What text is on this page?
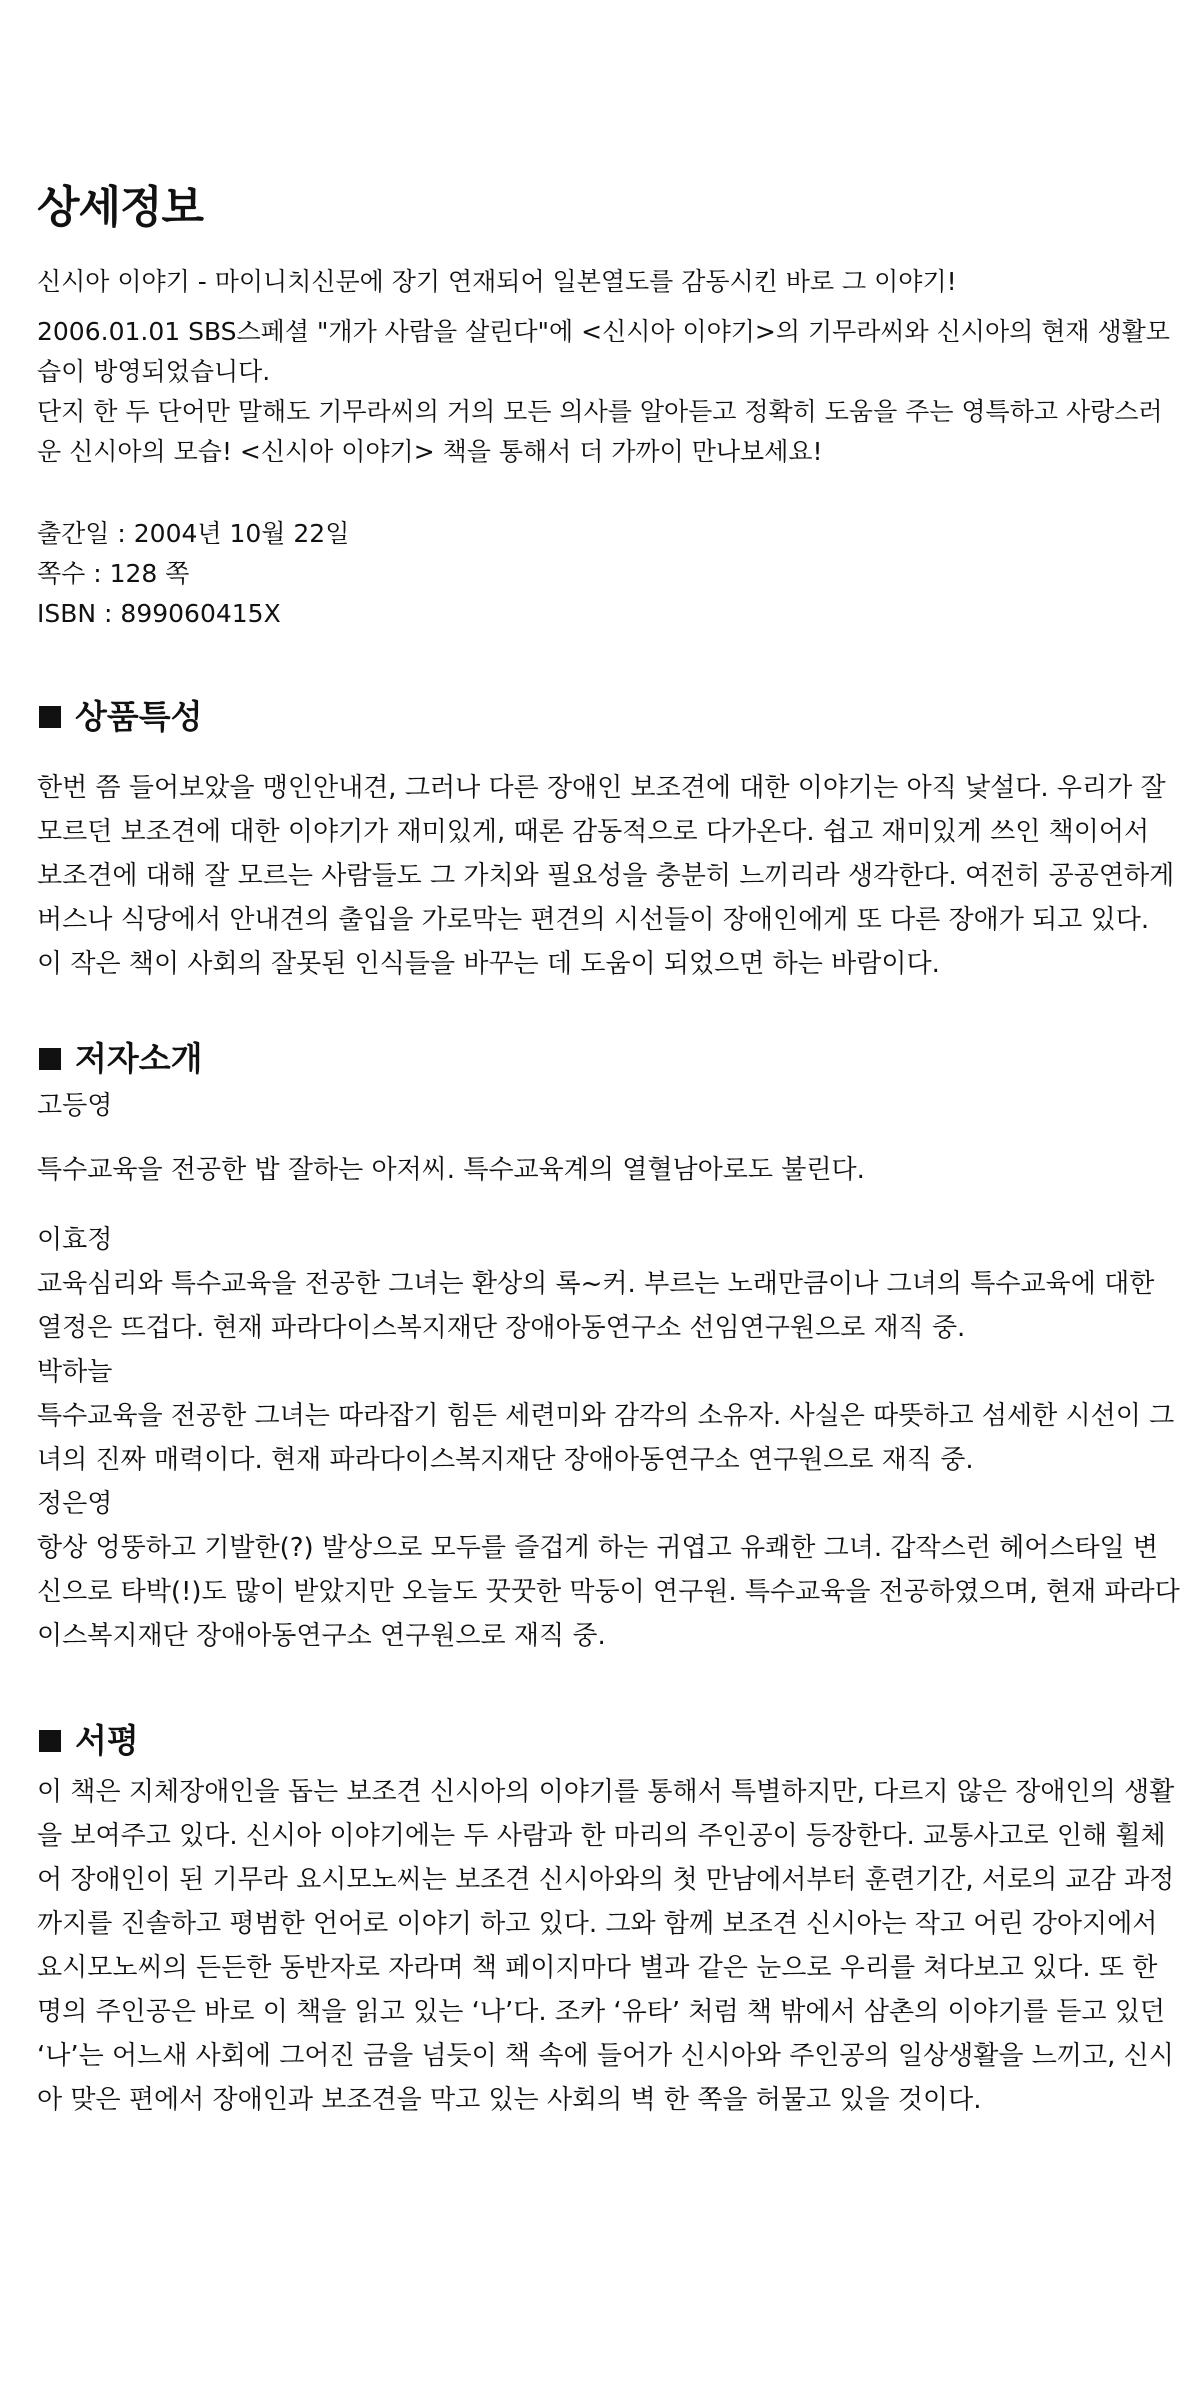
상세정보

신시아 이야기 - 마이니치신문에 장기 연재되어 일본열도를 감동시킨 바로 그 이야기!

2006.01.01 SBS스페셜 "개가 사람을 살린다"에 <신시아 이야기>의 기무라씨와 신시아의 현재 생활모습이 방영되었습니다.

단지 한 두 단어만 말해도 기무라씨의 거의 모든 의사를 알아듣고 정확히 도움을 주는 영특하고 사랑스러운 신시아의 모습! <신시아 이야기> 책을 통해서 더 가까이 만나보세요!

출간일 : 2004년 10월 22일
쪽수 : 128 쪽
ISBN : 899060415X
상품특성

한번 쯤 들어보았을 맹인안내견, 그러나 다른 장애인 보조견에 대한 이야기는 아직 낯설다. 우리가 잘 모르던 보조견에 대한 이야기가 재미있게, 때론 감동적으로 다가온다. 쉽고 재미있게 쓰인 책이어서 보조견에 대해 잘 모르는 사람들도 그 가치와 필요성을 충분히 느끼리라 생각한다. 여전히 공공연하게 버스나 식당에서 안내견의 출입을 가로막는 편견의 시선들이 장애인에게 또 다른 장애가 되고 있다. 이 작은 책이 사회의 잘못된 인식들을 바꾸는 데 도움이 되었으면 하는 바람이다.

저자소개
고등영

특수교육을 전공한 밥 잘하는 아저씨. 특수교육계의 열혈남아로도 불린다.

이효정

교육심리와 특수교육을 전공한 그녀는 환상의 록~커. 부르는 노래만큼이나 그녀의 특수교육에 대한 열정은 뜨겁다. 현재 파라다이스복지재단 장애아동연구소 선임연구원으로 재직 중.

박하늘

특수교육을 전공한 그녀는 따라잡기 힘든 세련미와 감각의 소유자. 사실은 따뜻하고 섬세한 시선이 그녀의 진짜 매력이다. 현재 파라다이스복지재단 장애아동연구소 연구원으로 재직 중.

정은영

항상 엉뚱하고 기발한(?) 발상으로 모두를 즐겁게 하는 귀엽고 유쾌한 그녀. 갑작스런 헤어스타일 변신으로 타박(!)도 많이 받았지만 오늘도 꿋꿋한 막둥이 연구원. 특수교육을 전공하였으며, 현재 파라다이스복지재단 장애아동연구소 연구원으로 재직 중.

서평

이 책은 지체장애인을 돕는 보조견 신시아의 이야기를 통해서 특별하지만, 다르지 않은 장애인의 생활을 보여주고 있다. 신시아 이야기에는 두 사람과 한 마리의 주인공이 등장한다. 교통사고로 인해 휠체어 장애인이 된 기무라 요시모노씨는 보조견 신시아와의 첫 만남에서부터 훈련기간, 서로의 교감 과정까지를 진솔하고 평범한 언어로 이야기 하고 있다. 그와 함께 보조견 신시아는 작고 어린 강아지에서 요시모노씨의 든든한 동반자로 자라며 책 페이지마다 별과 같은 눈으로 우리를 쳐다보고 있다. 또 한명의 주인공은 바로 이 책을 읽고 있는 ‘나’다. 조카 ‘유타’ 처럼 책 밖에서 삼촌의 이야기를 듣고 있던 ‘나’는 어느새 사회에 그어진 금을 넘듯이 책 속에 들어가 신시아와 주인공의 일상생활을 느끼고, 신시아 맞은 편에서 장애인과 보조견을 막고 있는 사회의 벽 한 쪽을 허물고 있을 것이다.
